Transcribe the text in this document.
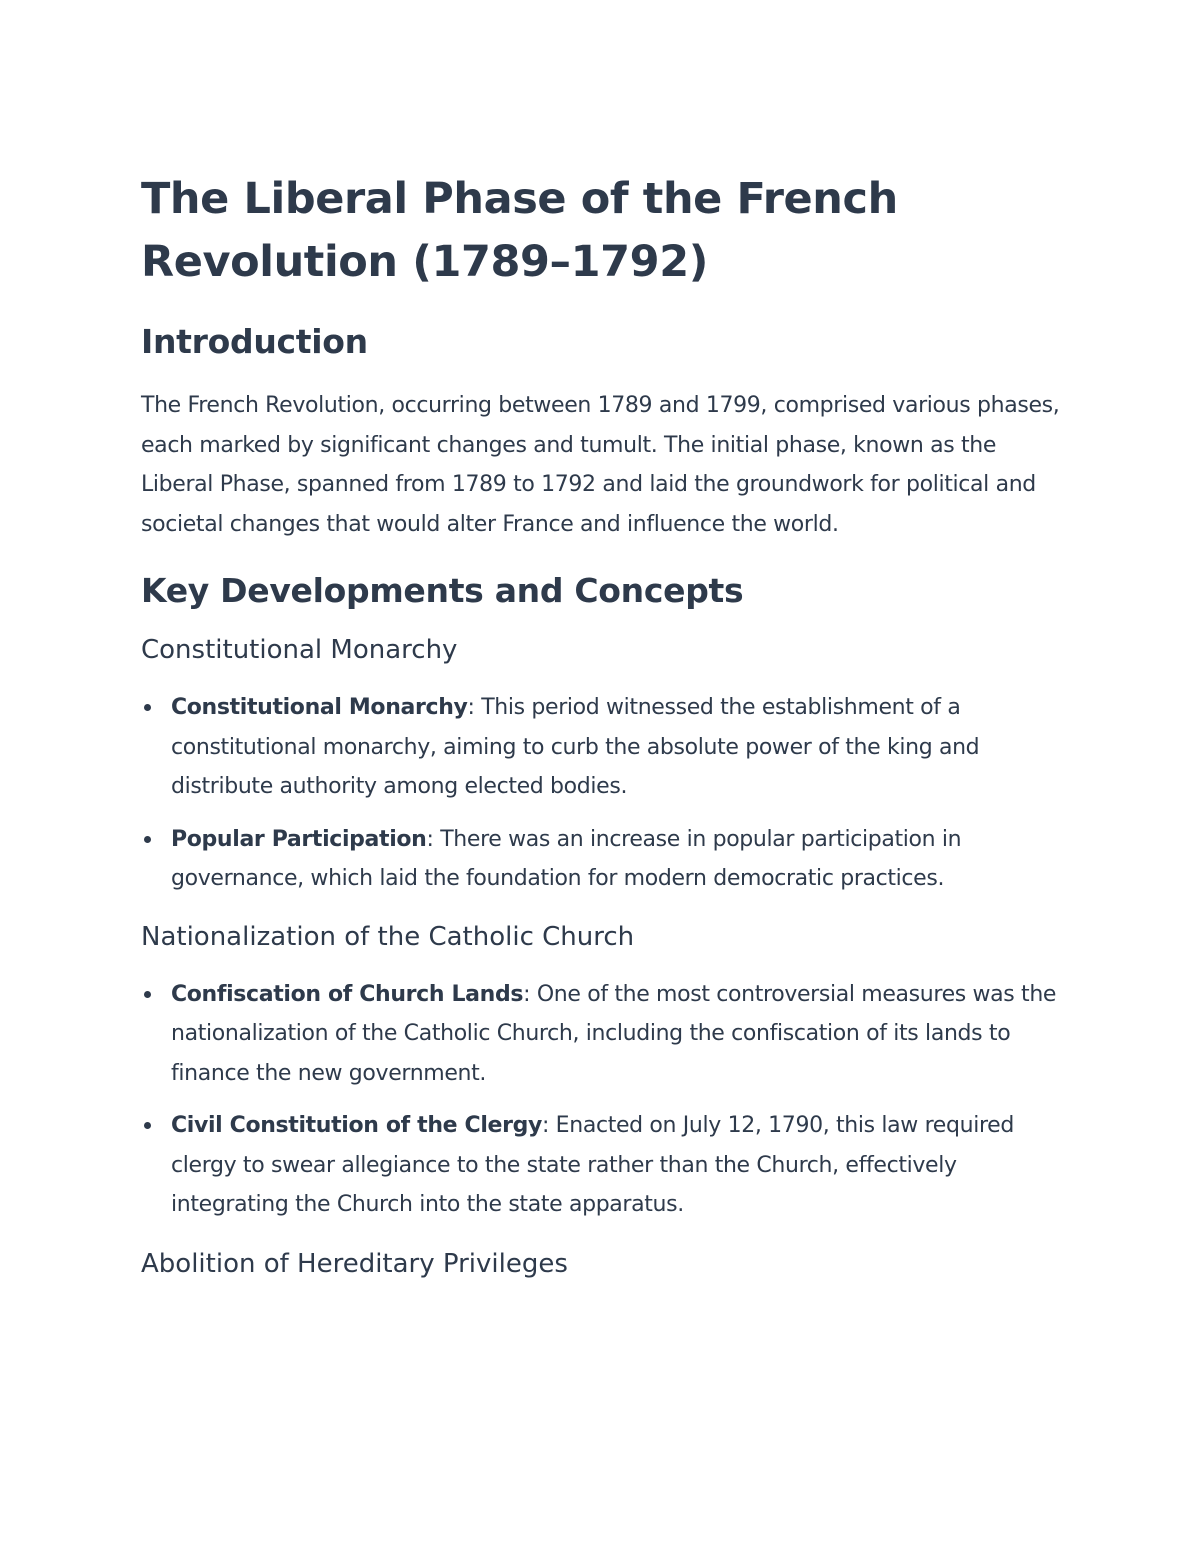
The Liberal Phase of the French Revolution (1789–1792)
Introduction

The French Revolution, occurring between 1789 and 1799, comprised various phases, each marked by significant changes and tumult. The initial phase, known as the Liberal Phase, spanned from 1789 to 1792 and laid the groundwork for political and societal changes that would alter France and influence the world.

Key Developments and Concepts
Constitutional Monarchy
Constitutional Monarchy: This period witnessed the establishment of a constitutional monarchy, aiming to curb the absolute power of the king and distribute authority among elected bodies.
Popular Participation: There was an increase in popular participation in governance, which laid the foundation for modern democratic practices.
Nationalization of the Catholic Church
Confiscation of Church Lands: One of the most controversial measures was the nationalization of the Catholic Church, including the confiscation of its lands to finance the new government.
Civil Constitution of the Clergy: Enacted on July 12, 1790, this law required clergy to swear allegiance to the state rather than the Church, effectively integrating the Church into the state apparatus.
Abolition of Hereditary Privileges
